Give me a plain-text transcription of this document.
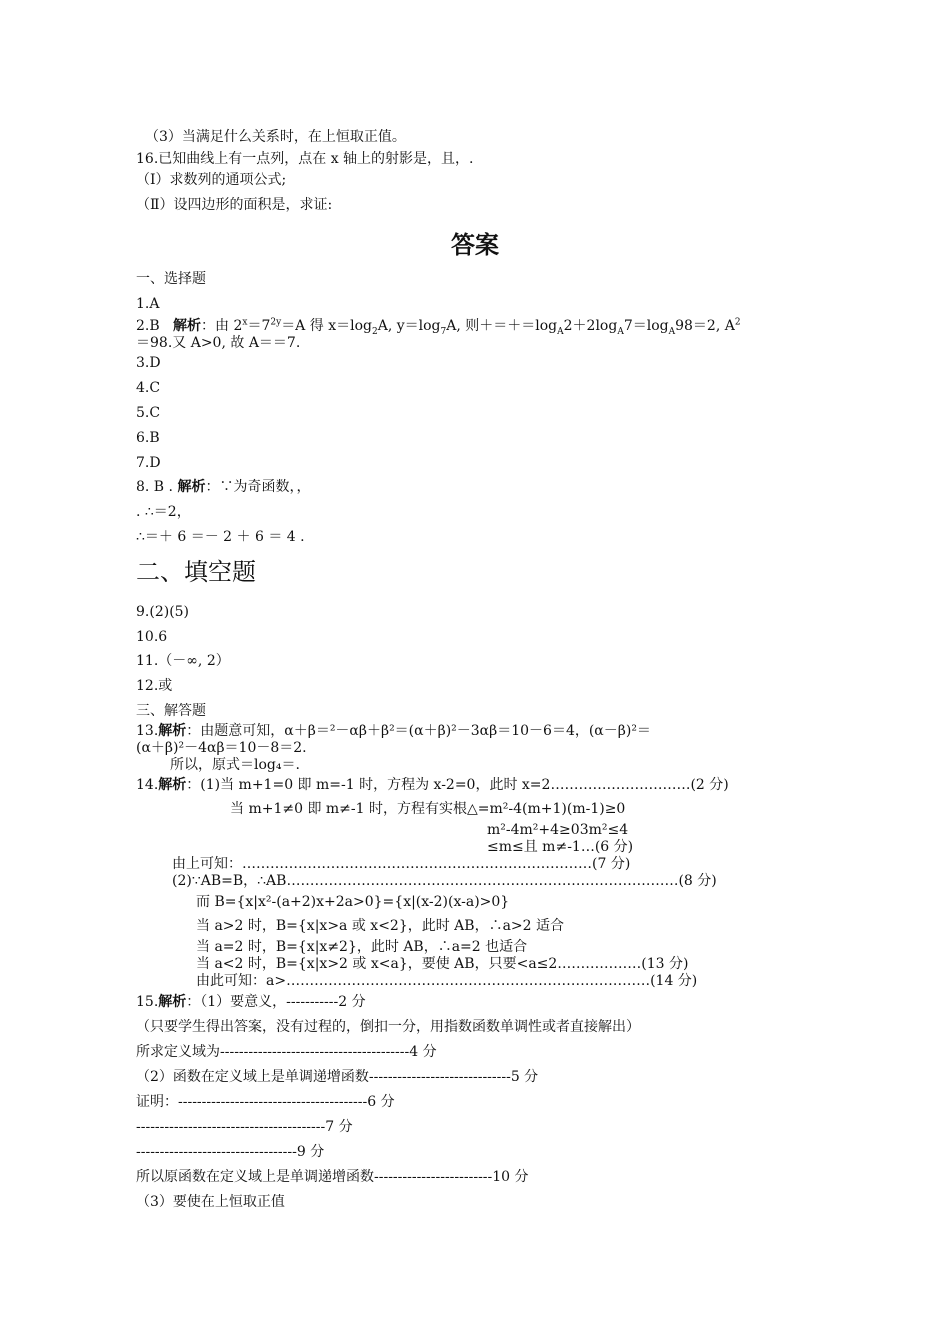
（3）当满足什么关系时，在上恒取正值。
16.已知曲线上有一点列，点在 x 轴上的射影是，且，.
（Ⅰ）求数列的通项公式;
（Ⅱ）设四边形的面积是，求证:
答案
一、选择题
1.A
2.B 解析：由 $2^x=7^{2y}=A$ 得 $x=\log_2A$, $y=\log_7A$, 则$+=+=\log_A2+2\log_A7=\log_A98=2$, $A^2$
＝98.又 A>0, 故 A＝＝7.
3.D
4.C
5.C
6.B
7.D
8. B . 解析：∵为奇函数，，
. ∴＝2，
∴＝＋ 6 ＝－ 2 ＋ 6 ＝ 4 .
二、填空题
9.(2)(5)
10.6
11.（－∞, 2）
12.或
三、解答题
13.解析：由题意可知，α＋β＝²－αβ＋β²＝(α＋β)²－3αβ＝10－6＝4，(α－β)²＝
(α＋β)²－4αβ＝10－8＝2.
所以，原式＝log₄＝.
14.解析：(1)当 m+1=0 即 m=-1 时，方程为 x-2=0，此时 x=2…………………………(2 分)
当 m+1≠0 即 m≠-1 时，方程有实根△=m²-4(m+1)(m-1)≥0
m²-4m²+4≥03m²≤4
≤m≤且 m≠-1…(6 分)
由上可知：…………………………………………………………………(7 分)
(2)∵AB=B，∴AB…………………………………………………………………………(8 分)
而 B={x|x²-(a+2)x+2a>0}={x|(x-2)(x-a)>0}
当 a>2 时，B={x|x>a 或 x<2}，此时 AB，∴a>2 适合
当 a=2 时，B={x|x≠2}，此时 AB，∴a=2 也适合
当 a<2 时，B={x|x>2 或 x<a}，要使 AB，只要<a≤2………………(13 分)
由此可知：a>……………………………………………………………………(14 分)
15.解析：（1）要意义，-----------2 分
（只要学生得出答案，没有过程的，倒扣一分，用指数函数单调性或者直接解出）
所求定义域为----------------------------------------4 分
（2）函数在定义域上是单调递增函数------------------------------5 分
证明：----------------------------------------6 分
----------------------------------------7 分
----------------------------------9 分
所以原函数在定义域上是单调递增函数-------------------------10 分
（3）要使在上恒取正值
